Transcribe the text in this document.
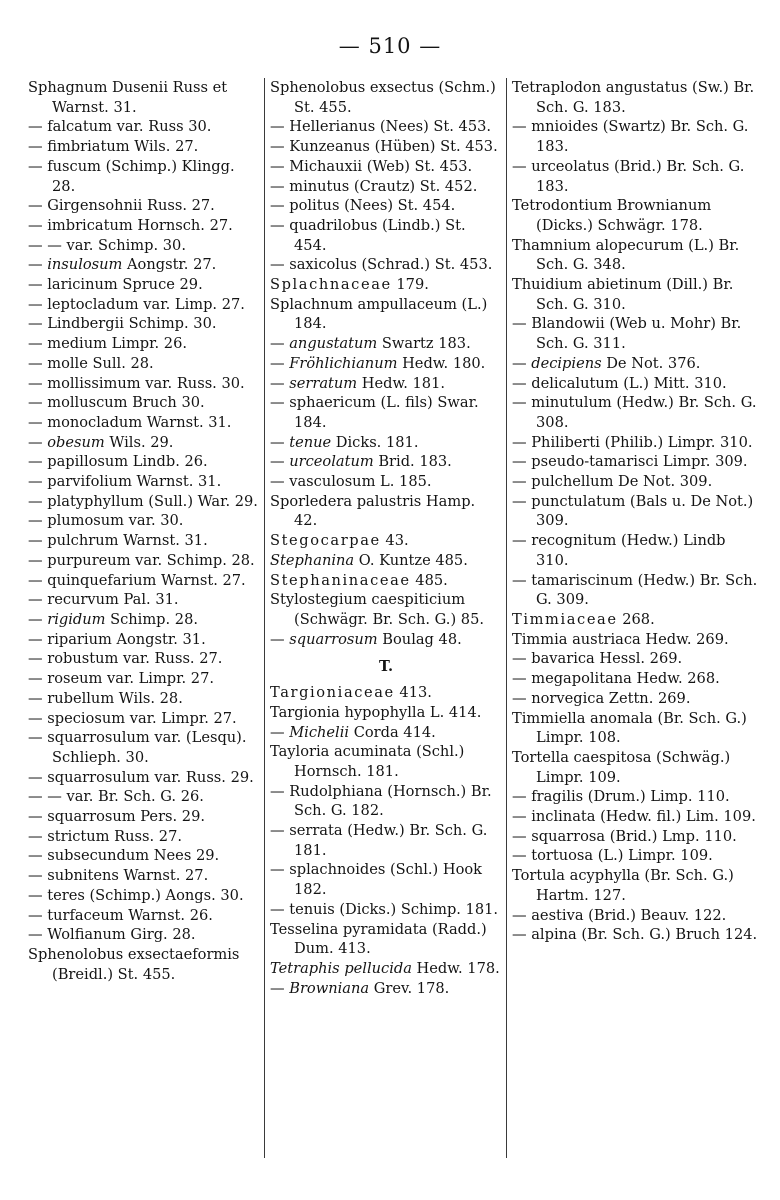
— 510 —

Sphagnum Dusenii Russ et Warnst. 31.

— falcatum var. Russ 30.

— fimbriatum Wils. 27.

— fuscum (Schimp.) Klingg. 28.

— Girgensohnii Russ. 27.

— imbricatum Hornsch. 27.

— — var. Schimp. 30.

— insulosum Aongstr. 27.

— laricinum Spruce 29.

— leptocladum var. Limp. 27.

— Lindbergii Schimp. 30.

— medium Limpr. 26.

— molle Sull. 28.

— mollissimum var. Russ. 30.

— molluscum Bruch 30.

— monocladum Warnst. 31.

— obesum Wils. 29.

— papillosum Lindb. 26.

— parvifolium Warnst. 31.

— platyphyllum (Sull.) War. 29.

— plumosum var. 30.

— pulchrum Warnst. 31.

— purpureum var. Schimp. 28.

— quinquefarium Warnst. 27.

— recurvum Pal. 31.

— rigidum Schimp. 28.

— riparium Aongstr. 31.

— robustum var. Russ. 27.

— roseum var. Limpr. 27.

— rubellum Wils. 28.

— speciosum var. Limpr. 27.

— squarrosulum var. (Lesqu). Schlieph. 30.

— squarrosulum var. Russ. 29.

— — var. Br. Sch. G. 26.

— squarrosum Pers. 29.

— strictum Russ. 27.

— subsecundum Nees 29.

— subnitens Warnst. 27.

— teres (Schimp.) Aongs. 30.

— turfaceum Warnst. 26.

— Wolfianum Girg. 28.

Sphenolobus exsectaeformis (Breidl.) St. 455.

Sphenolobus exsectus (Schm.) St. 455.

— Hellerianus (Nees) St. 453.

— Kunzeanus (Hüben) St. 453.

— Michauxii (Web) St. 453.

— minutus (Crautz) St. 452.

— politus (Nees) St. 454.

— quadrilobus (Lindb.) St. 454.

— saxicolus (Schrad.) St. 453.

Splachnaceae 179.

Splachnum ampullaceum (L.) 184.

— angustatum Swartz 183.

— Fröhlichianum Hedw. 180.

— serratum Hedw. 181.

— sphaericum (L. fils) Swar. 184.

— tenue Dicks. 181.

— urceolatum Brid. 183.

— vasculosum L. 185.

Sporledera palustris Hamp. 42.

Stegocarpae 43.

Stephanina O. Kuntze 485.

Stephaninaceae 485.

Stylostegium caespiticium (Schwägr. Br. Sch. G.) 85.

— squarrosum Boulag 48.

T.

Targioniaceae 413.

Targionia hypophylla L. 414.

— Michelii Corda 414.

Tayloria acuminata (Schl.) Hornsch. 181.

— Rudolphiana (Hornsch.) Br. Sch. G. 182.

— serrata (Hedw.) Br. Sch. G. 181.

— splachnoides (Schl.) Hook 182.

— tenuis (Dicks.) Schimp. 181.

Tesselina pyramidata (Radd.) Dum. 413.

Tetraphis pellucida Hedw. 178.

— Browniana Grev. 178.

Tetraplodon angustatus (Sw.) Br. Sch. G. 183.

— mnioides (Swartz) Br. Sch. G. 183.

— urceolatus (Brid.) Br. Sch. G. 183.

Tetrodontium Brownianum (Dicks.) Schwägr. 178.

Thamnium alopecurum (L.) Br. Sch. G. 348.

Thuidium abietinum (Dill.) Br. Sch. G. 310.

— Blandowii (Web u. Mohr) Br. Sch. G. 311.

— decipiens De Not. 376.

— delicalutum (L.) Mitt. 310.

— minutulum (Hedw.) Br. Sch. G. 308.

— Philiberti (Philib.) Limpr. 310.

— pseudo-tamarisci Limpr. 309.

— pulchellum De Not. 309.

— punctulatum (Bals u. De Not.) 309.

— recognitum (Hedw.) Lindb 310.

— tamariscinum (Hedw.) Br. Sch. G. 309.

Timmiaceae 268.

Timmia austriaca Hedw. 269.

— bavarica Hessl. 269.

— megapolitana Hedw. 268.

— norvegica Zettn. 269.

Timmiella anomala (Br. Sch. G.) Limpr. 108.

Tortella caespitosa (Schwäg.) Limpr. 109.

— fragilis (Drum.) Limp. 110.

— inclinata (Hedw. fil.) Lim. 109.

— squarrosa (Brid.) Lmp. 110.

— tortuosa (L.) Limpr. 109.

Tortula acyphylla (Br. Sch. G.) Hartm. 127.

— aestiva (Brid.) Beauv. 122.

— alpina (Br. Sch. G.) Bruch 124.
